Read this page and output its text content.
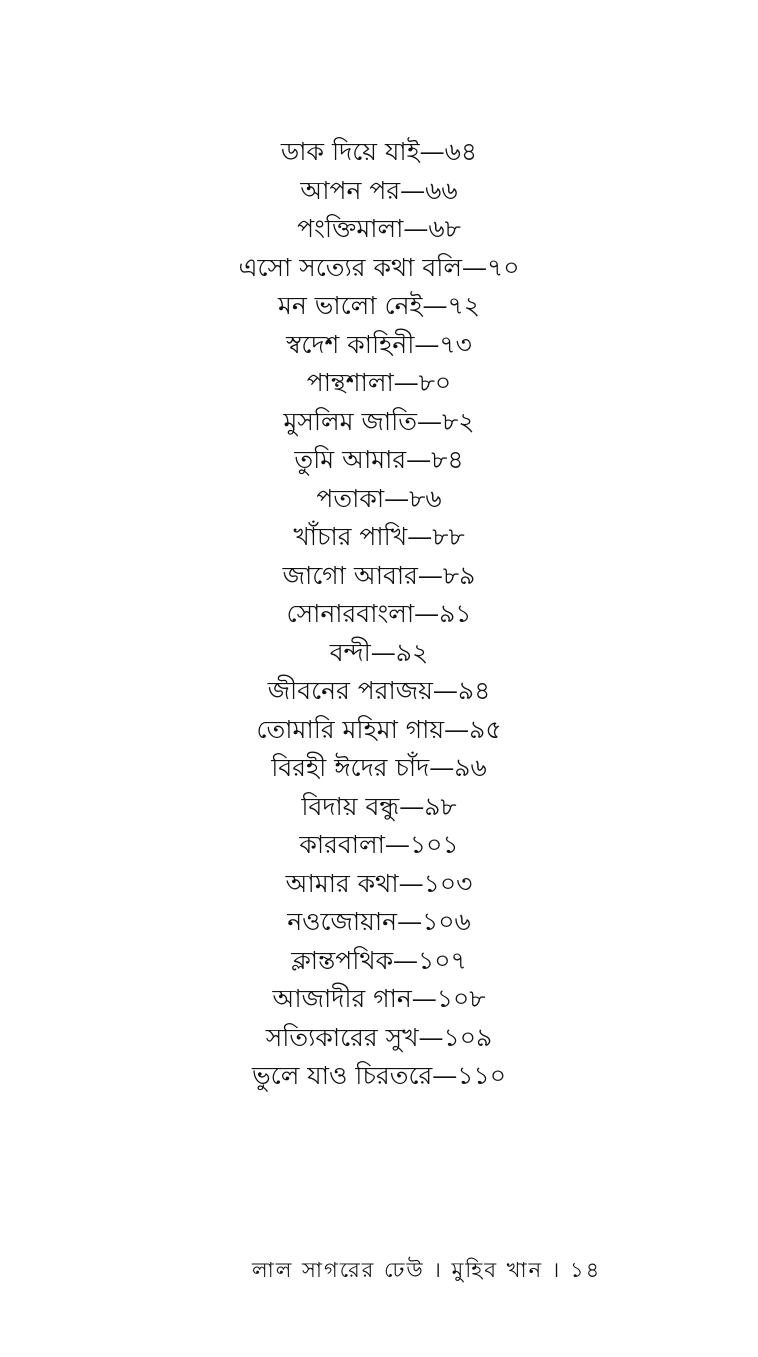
ডাক দিয়ে যাই—৬৪
আপন পর—৬৬
পংক্তিমালা—৬৮
এসো সত্যের কথা বলি—৭০
মন ভালো নেই—৭২
স্বদেশ কাহিনী—৭৩
পান্থশালা—৮০
মুসলিম জাতি—৮২
তুমি আমার—৮৪
পতাকা—৮৬
খাঁচার পাখি—৮৮
জাগো আবার—৮৯
সোনারবাংলা—৯১
বন্দী—৯২
জীবনের পরাজয়—৯৪
তোমারি মহিমা গায়—৯৫
বিরহী ঈদের চাঁদ—৯৬
বিদায় বন্ধু—৯৮
কারবালা—১০১
আমার কথা—১০৩
নওজোয়ান—১০৬
ক্লান্তপথিক—১০৭
আজাদীর গান—১০৮
সত্যিকারের সুখ—১০৯
ভুলে যাও চিরতরে—১১০
লাল সাগরের ঢেউ । মুহিব খান । ১৪
